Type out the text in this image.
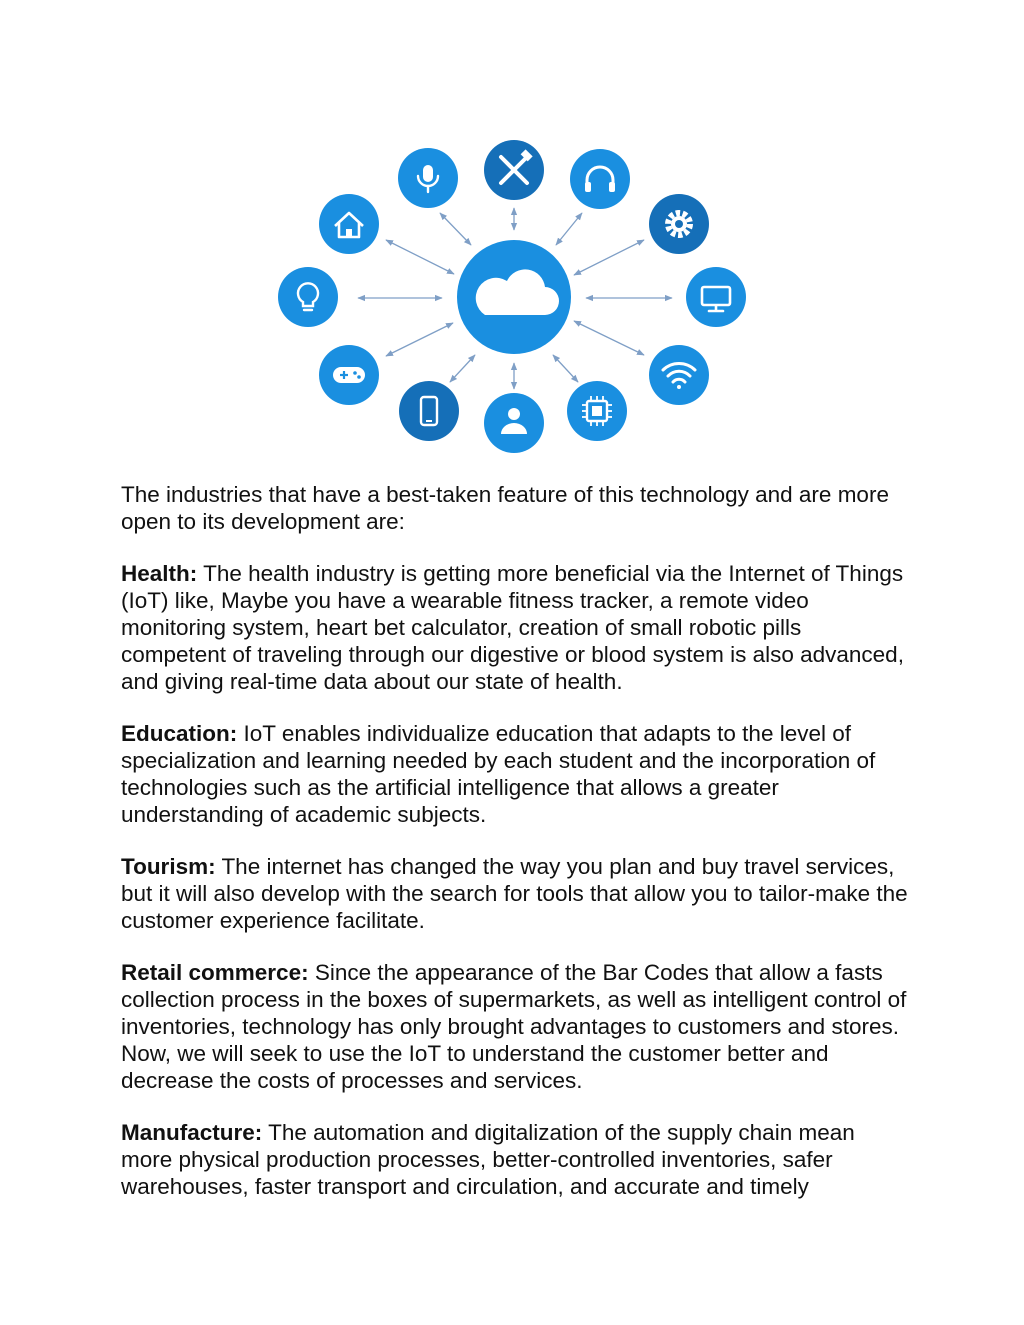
The industries that have a best-taken feature of this technology and are more open to its development are:

Health: The health industry is getting more beneficial via the Internet of Things (IoT) like, Maybe you have a wearable fitness tracker, a remote video monitoring system, heart bet calculator, creation of small robotic pills competent of traveling through our digestive or blood system is also advanced, and giving real-time data about our state of health.

Education: IoT enables individualize education that adapts to the level of specialization and learning needed by each student and the incorporation of technologies such as the artificial intelligence that allows a greater understanding of academic subjects.

Tourism: The internet has changed the way you plan and buy travel services, but it will also develop with the search for tools that allow you to tailor-make the customer experience facilitate.

Retail commerce: Since the appearance of the Bar Codes that allow a fasts collection process in the boxes of supermarkets, as well as intelligent control of inventories, technology has only brought advantages to customers and stores. Now, we will seek to use the IoT to understand the customer better and decrease the costs of processes and services.

Manufacture: The automation and digitalization of the supply chain mean more physical production processes, better-controlled inventories, safer warehouses, faster transport and circulation, and accurate and timely
